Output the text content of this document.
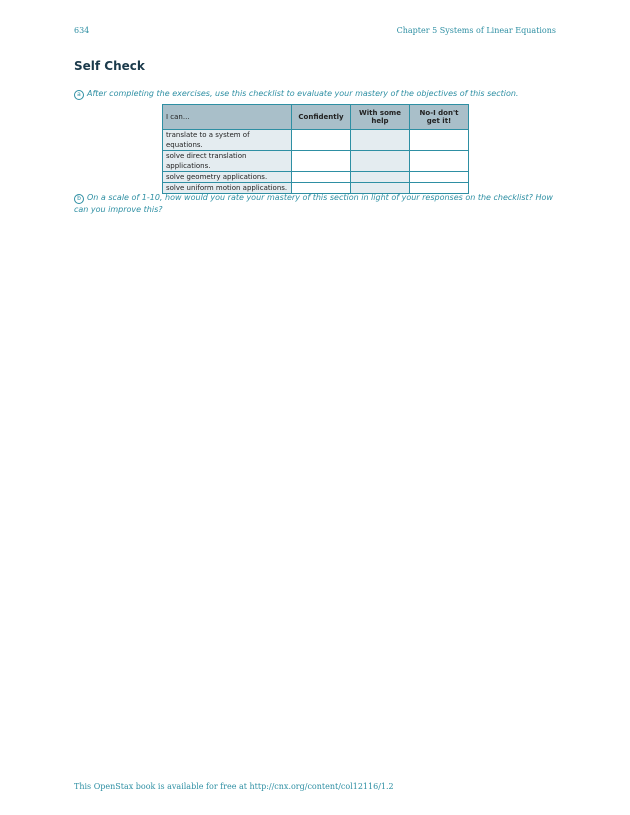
634	Chapter 5 Systems of Linear Equations
Self Check
a After completing the exercises, use this checklist to evaluate your mastery of the objectives of this section.
I can...	Confidently	With some help	No-I don't get it!
translate to a system of equations.			
solve direct translation applications.			
solve geometry applications.			
solve uniform motion applications.			
b On a scale of 1-10, how would you rate your mastery of this section in light of your responses on the checklist? How can you improve this?
This OpenStax book is available for free at http://cnx.org/content/col12116/1.2
